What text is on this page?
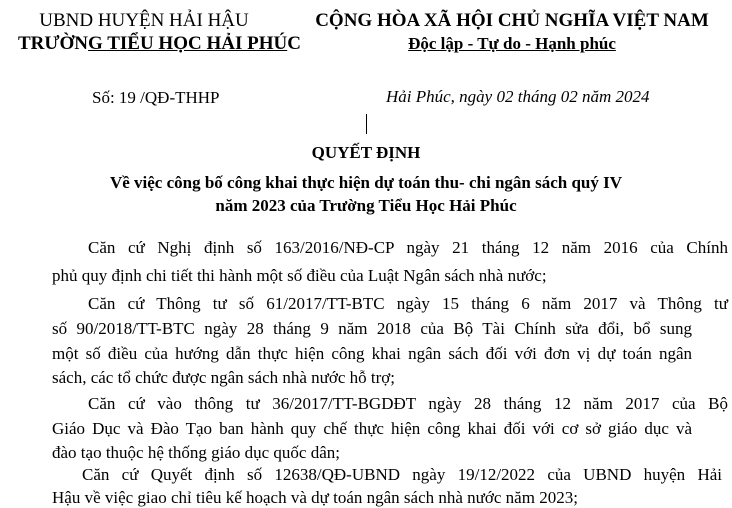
UBND HUYỆN HẢI HẬU
TRƯỜNG TIỂU HỌC HẢI PHÚC
CỘNG HÒA XÃ HỘI CHỦ NGHĨA VIỆT NAM
Độc lập - Tự do - Hạnh phúc
Số: 19 /QĐ-THHP	Hải Phúc, ngày 02 tháng 02 năm 2024
QUYẾT ĐỊNH
Về việc công bố công khai thực hiện dự toán thu- chi ngân sách quý IV
năm 2023 của Trường Tiểu Học Hải Phúc
Căn cứ Nghị định số 163/2016/NĐ-CP ngày 21 tháng 12 năm 2016 của Chính
phủ quy định chi tiết thi hành một số điều của Luật Ngân sách nhà nước;
Căn cứ Thông tư số 61/2017/TT-BTC ngày 15 tháng 6 năm 2017 và Thông tư
số 90/2018/TT-BTC ngày 28 tháng 9 năm 2018 của Bộ Tài Chính sửa đổi, bổ sung
một số điều của hướng dẫn thực hiện công khai ngân sách đối với đơn vị dự toán ngân
sách, các tổ chức được ngân sách nhà nước hỗ trợ;
Căn cứ vào thông tư 36/2017/TT-BGDĐT ngày 28 tháng 12 năm 2017 của Bộ
Giáo Dục và Đào Tạo ban hành quy chế thực hiện công khai đối với cơ sở giáo dục và
đào tạo thuộc hệ thống giáo dục quốc dân;
Căn cứ Quyết định số 12638/QĐ-UBND ngày 19/12/2022 của UBND huyện Hải
Hậu về việc giao chỉ tiêu kế hoạch và dự toán ngân sách nhà nước năm 2023;
